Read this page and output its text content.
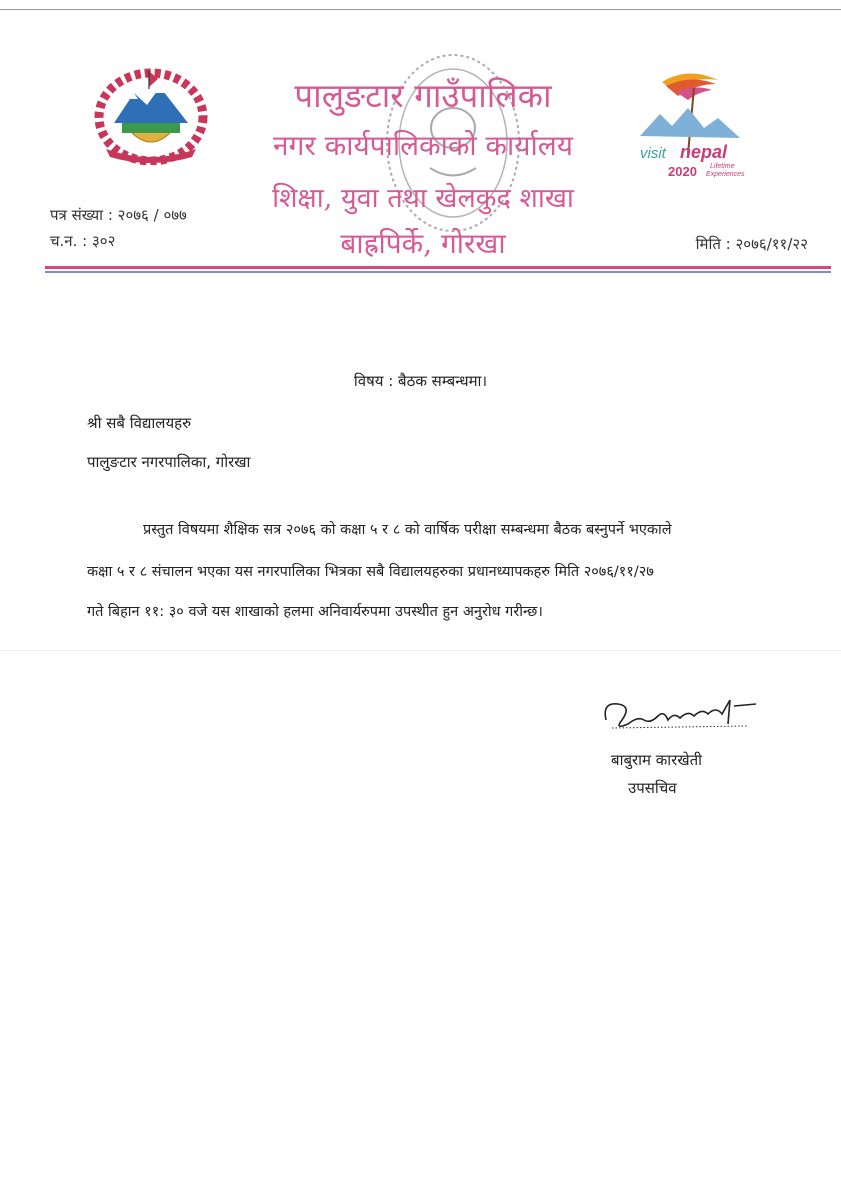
visit nepal
2020 Lifetime
Experiences
पालुङटार गाउँपालिका
नगर कार्यपालिकाको कार्यालय
शिक्षा, युवा तथा खेलकुद शाखा
बाह्रपिर्के, गोरखा
पत्र संख्या : २०७६ / ०७७
च.न. : ३०२	मिति : २०७६/११/२२
विषय : बैठक सम्बन्धमा।
श्री सबै विद्यालयहरु
पालुङटार नगरपालिका, गोरखा
प्रस्तुत विषयमा शैक्षिक सत्र २०७६ को कक्षा ५ र ८ को वार्षिक परीक्षा सम्बन्धमा बैठक बस्नुपर्ने भएकाले
कक्षा ५ र ८ संचालन भएका यस नगरपालिका भित्रका सबै विद्यालयहरुका प्रधानध्यापकहरु मिति २०७६/११/२७
गते बिहान ११: ३० वजे यस शाखाको हलमा अनिवार्यरुपमा उपस्थीत हुन अनुरोध गरीन्छ।
बाबुराम कारखेती
उपसचिव
